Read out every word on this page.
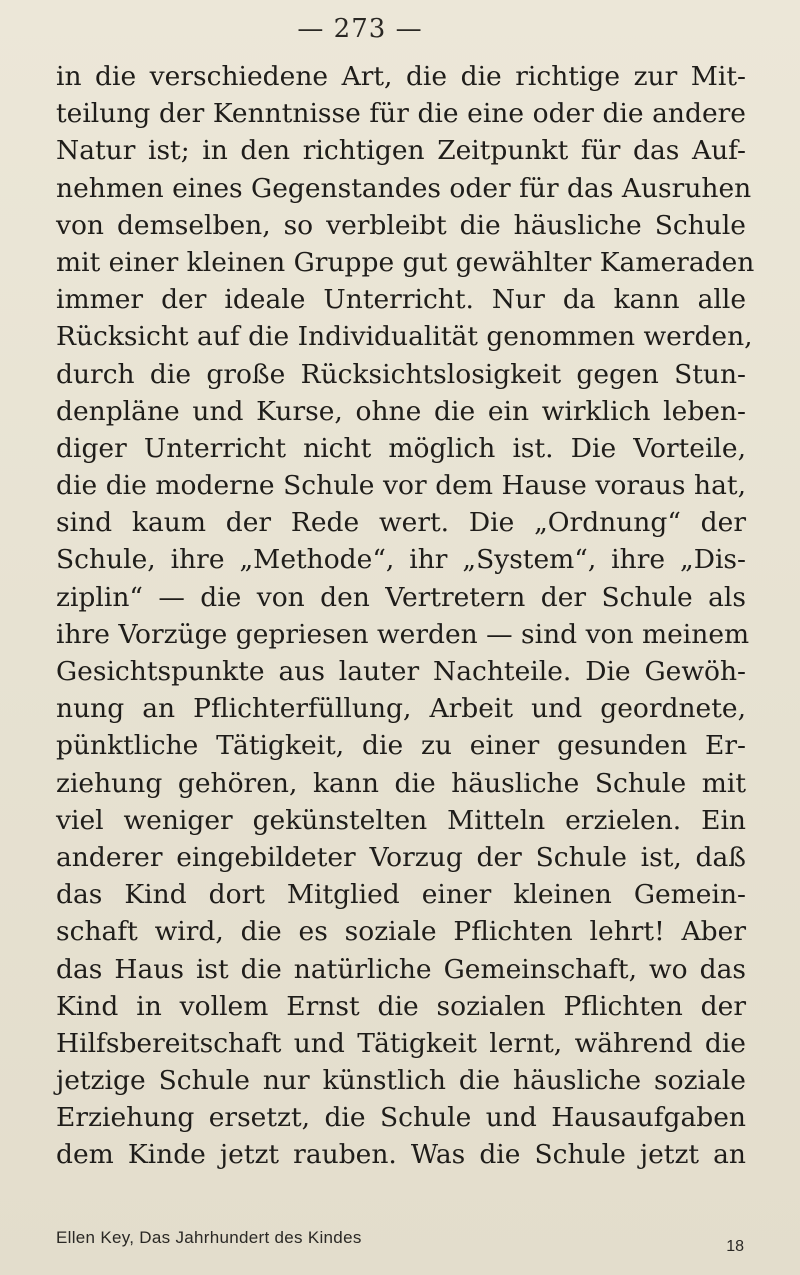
— 273 —
in die verschiedene Art, die die richtige zur Mit-
teilung der Kenntnisse für die eine oder die andere
Natur ist; in den richtigen Zeitpunkt für das Auf-
nehmen eines Gegenstandes oder für das Ausruhen
von demselben, so verbleibt die häusliche Schule
mit einer kleinen Gruppe gut gewählter Kameraden
immer der ideale Unterricht. Nur da kann alle
Rücksicht auf die Individualität genommen werden,
durch die große Rücksichtslosigkeit gegen Stun-
denpläne und Kurse, ohne die ein wirklich leben-
diger Unterricht nicht möglich ist. Die Vorteile,
die die moderne Schule vor dem Hause voraus hat,
sind kaum der Rede wert. Die „Ordnung“ der
Schule, ihre „Methode“, ihr „System“, ihre „Dis-
ziplin“ — die von den Vertretern der Schule als
ihre Vorzüge gepriesen werden — sind von meinem
Gesichtspunkte aus lauter Nachteile. Die Gewöh-
nung an Pflichterfüllung, Arbeit und geordnete,
pünktliche Tätigkeit, die zu einer gesunden Er-
ziehung gehören, kann die häusliche Schule mit
viel weniger gekünstelten Mitteln erzielen. Ein
anderer eingebildeter Vorzug der Schule ist, daß
das Kind dort Mitglied einer kleinen Gemein-
schaft wird, die es soziale Pflichten lehrt! Aber
das Haus ist die natürliche Gemeinschaft, wo das
Kind in vollem Ernst die sozialen Pflichten der
Hilfsbereitschaft und Tätigkeit lernt, während die
jetzige Schule nur künstlich die häusliche soziale
Erziehung ersetzt, die Schule und Hausaufgaben
dem Kinde jetzt rauben. Was die Schule jetzt an
Ellen Key, Das Jahrhundert des Kindes	18
